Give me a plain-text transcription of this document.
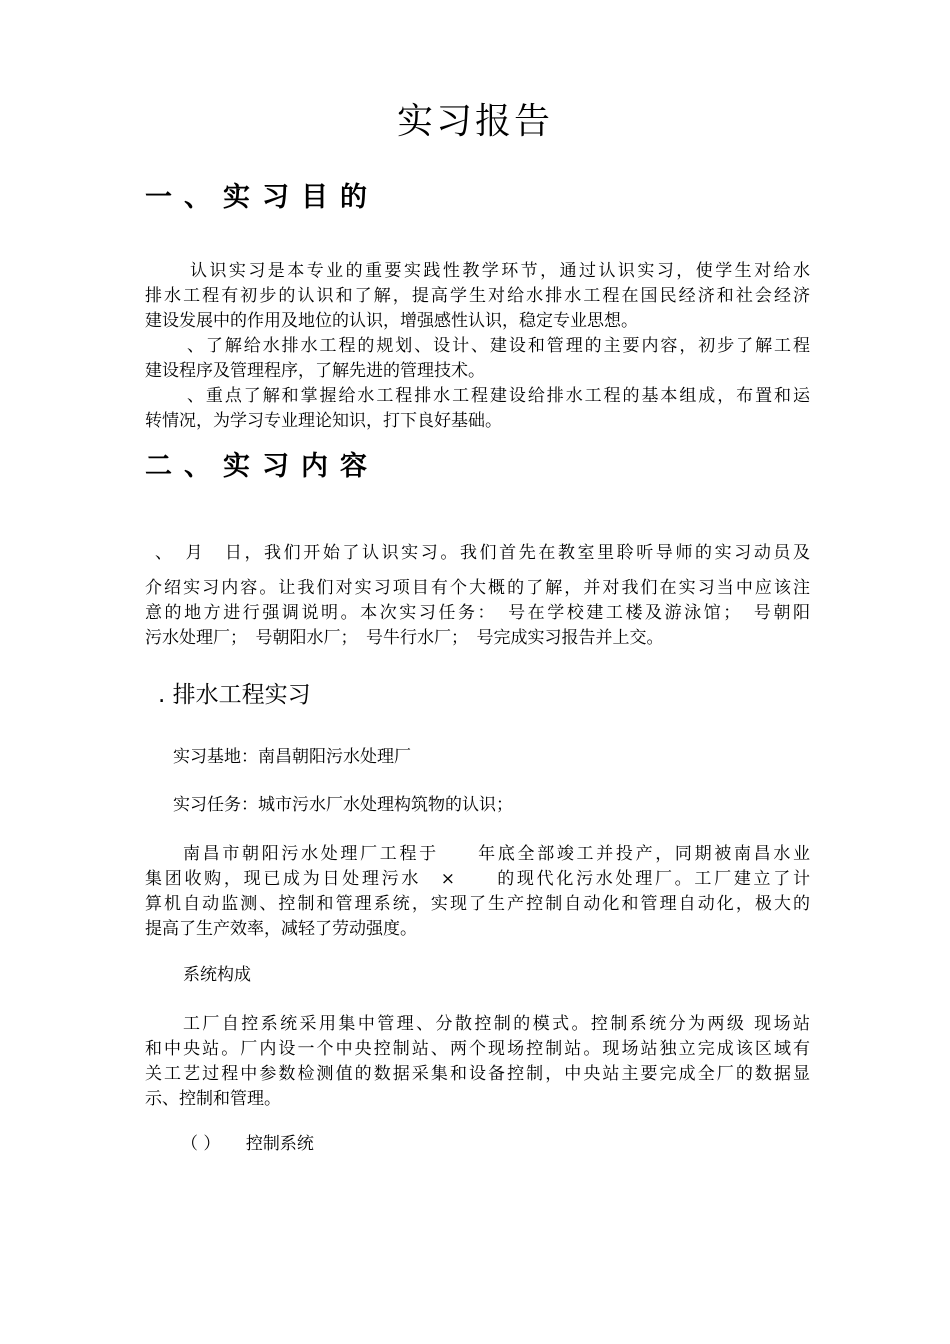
实习报告
一、实习目的
认识实习是本专业的重要实践性教学环节，通过认识实习，使学生对给水
排水工程有初步的认识和了解，提高学生对给水排水工程在国民经济和社会经济
建设发展中的作用及地位的认识，增强感性认识，稳定专业思想。
、了解给水排水工程的规划、设计、建设和管理的主要内容，初步了解工程
建设程序及管理程序，了解先进的管理技术。
、重点了解和掌握给水工程排水工程建设给排水工程的基本组成，布置和运
转情况，为学习专业理论知识，打下良好基础。
二、实习内容
、　月　日，我们开始了认识实习。我们首先在教室里聆听导师的实习动员及
介绍实习内容。让我们对实习项目有个大概的了解，并对我们在实习当中应该注
意的地方进行强调说明。本次实习任务：　号在学校建工楼及游泳馆；　号朝阳
污水处理厂；　号朝阳水厂；　号牛行水厂；　号完成实习报告并上交。
. 排水工程实习
实习基地：南昌朝阳污水处理厂
实习任务：城市污水厂水处理构筑物的认识；
南昌市朝阳污水处理厂工程于　　年底全部竣工并投产，同期被南昌水业
集团收购，现已成为日处理污水　×　　的现代化污水处理厂。工厂建立了计
算机自动监测、控制和管理系统，实现了生产控制自动化和管理自动化，极大的
提高了生产效率，减轻了劳动强度。
系统构成
工厂自控系统采用集中管理、分散控制的模式。控制系统分为两级 现场站
和中央站。厂内设一个中央控制站、两个现场控制站。现场站独立完成该区域有
关工艺过程中参数检测值的数据采集和设备控制，中央站主要完成全厂的数据显
示、控制和管理。
（ ）　　控制系统
